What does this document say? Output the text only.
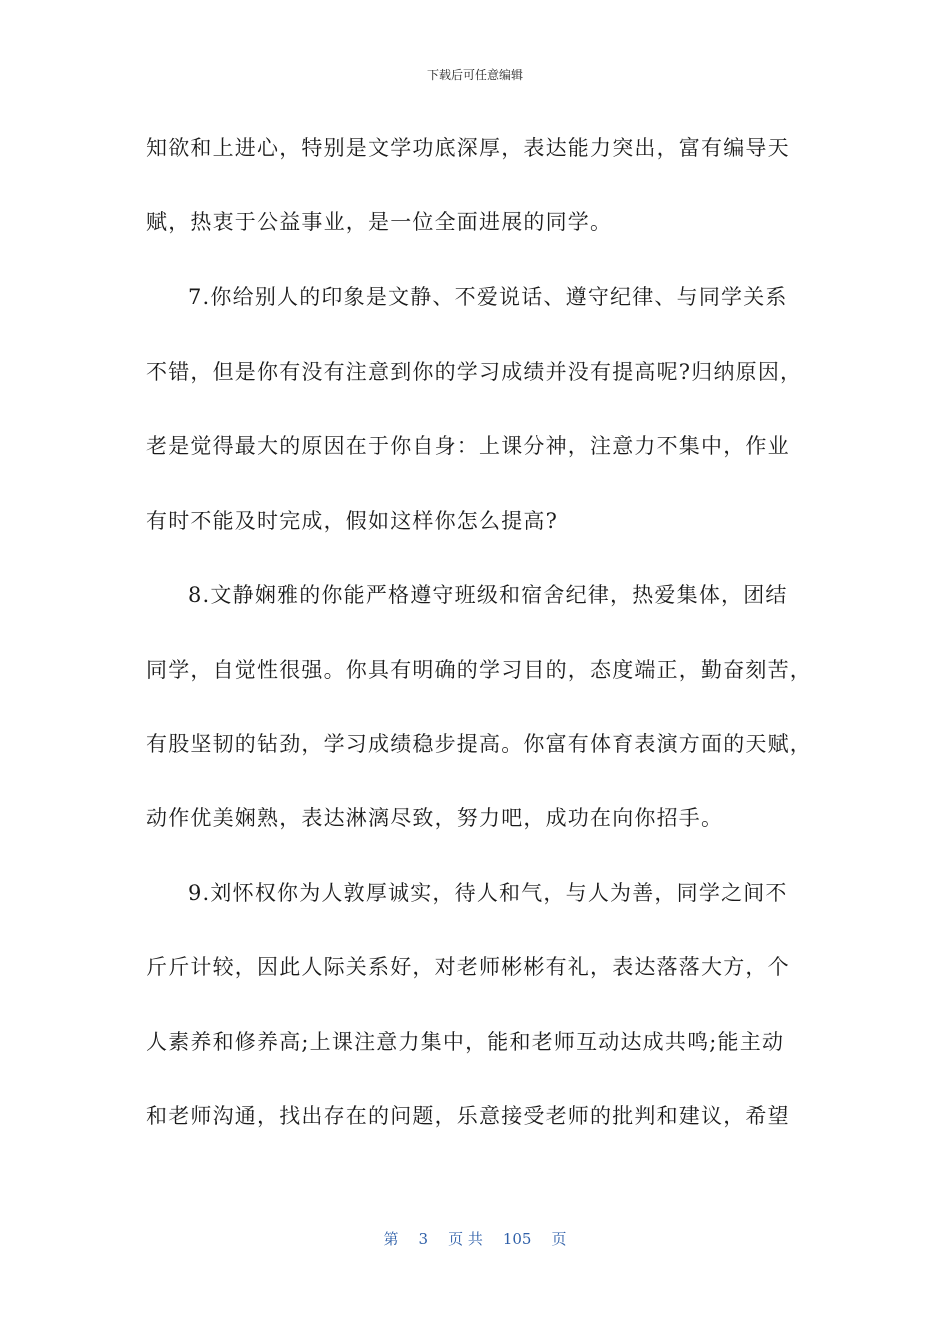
下载后可任意编辑
知欲和上进心，特别是文学功底深厚，表达能力突出，富有编导天
赋，热衷于公益事业，是一位全面进展的同学。
7.你给别人的印象是文静、不爱说话、遵守纪律、与同学关系
不错，但是你有没有注意到你的学习成绩并没有提高呢?归纳原因，
老是觉得最大的原因在于你自身：上课分神，注意力不集中，作业
有时不能及时完成，假如这样你怎么提高?
8.文静娴雅的你能严格遵守班级和宿舍纪律，热爱集体，团结
同学，自觉性很强。你具有明确的学习目的，态度端正，勤奋刻苦，
有股坚韧的钻劲，学习成绩稳步提高。你富有体育表演方面的天赋，
动作优美娴熟，表达淋漓尽致，努力吧，成功在向你招手。
9.刘怀权你为人敦厚诚实，待人和气，与人为善，同学之间不
斤斤计较，因此人际关系好，对老师彬彬有礼，表达落落大方，个
人素养和修养高;上课注意力集中，能和老师互动达成共鸣;能主动
和老师沟通，找出存在的问题，乐意接受老师的批判和建议，希望
第 3 页 共 105 页
